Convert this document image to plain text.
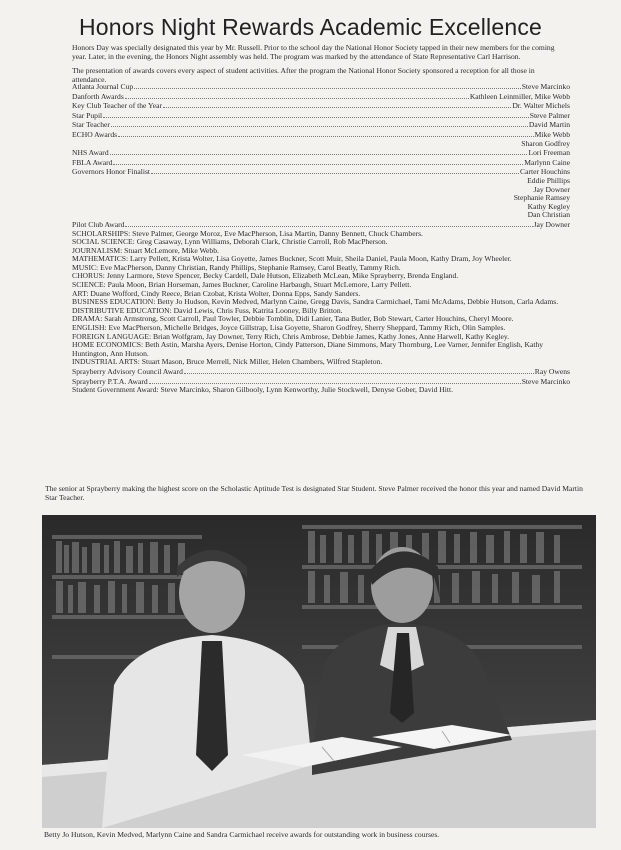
Honors Night Rewards Academic Excellence

Honors Day was specially designated this year by Mr. Russell. Prior to the school day the National Honor Society tapped in their new members for the coming year. Later, in the evening, the Honors Night assembly was held. The program was marked by the attendance of State Representative Carl Harrison.

The presentation of awards covers every aspect of student activities. After the program the National Honor Society sponsored a reception for all those in attendance.

Atlanta Journal Cup	Steve Marcinko
Danforth Awards	Kathleen Leinmiller, Mike Webb
Key Club Teacher of the Year	Dr. Walter Michels
Star Pupil	Steve Palmer
Star Teacher	David Martin
ECHO Awards	Mike Webb
Sharon Godfrey
NHS Award	Lori Freeman
FBLA Award	Marlynn Caine
Governors Honor Finalist	Carter Houchins
Eddie Phillips
Jay Downer
Stephanie Ramsey
Kathy Kegley
Dan Christian
Pilot Club Award	Jay Downer
SCHOLARSHIPS: Steve Palmer, George Moroz, Eve MacPherson, Lisa Martin, Danny Bennett, Chuck Chambers.
SOCIAL SCIENCE: Greg Casaway, Lynn Williams, Deborah Clark, Christie Carroll, Rob MacPherson.
JOURNALISM: Stuart McLemore, Mike Webb.
MATHEMATICS: Larry Pellett, Krista Wolter, Lisa Goyette, James Buckner, Scott Muir, Sheila Daniel, Paula Moon, Kathy Dram, Joy Wheeler.
MUSIC: Eve MacPherson, Danny Christian, Randy Phillips, Stephanie Ramsey, Carol Beatly, Tammy Rich.
CHORUS: Jenny Larmore, Steve Spencer, Becky Cardell, Dale Hutson, Elizabeth McLean, Mike Sprayberry, Brenda England.
SCIENCE: Paula Moon, Brian Horseman, James Buckner, Caroline Harbaugh, Stuart McLemore, Larry Pellett.
ART: Duane Wofford, Cindy Reece, Brian Czobat, Krista Wolter, Donna Epps, Sandy Sanders.
BUSINESS EDUCATION: Betty Jo Hudson, Kevin Medved, Marlynn Caine, Gregg Davis, Sandra Carmichael, Tami McAdams, Debbie Hutson, Carla Adams.
DISTRIBUTIVE EDUCATION: David Lewis, Chris Fuss, Katrita Looney, Billy Britton.
DRAMA: Sarah Armstrong, Scott Carroll, Paul Towler, Debbie Tomblin, Didi Lanier, Tana Butler, Bob Stewart, Carter Houchins, Cheryl Moore.
ENGLISH: Eve MacPherson, Michelle Bridges, Joyce Gillstrap, Lisa Goyette, Sharon Godfrey, Sherry Sheppard, Tammy Rich, Olin Samples.
FOREIGN LANGUAGE: Brian Wolfgram, Jay Downer, Terry Rich, Chris Ambrose, Debbie James, Kathy Jones, Anne Harwell, Kathy Kegley.
HOME ECONOMICS: Beth Astin, Marsha Ayers, Denise Horton, Cindy Patterson, Diane Simmons, Mary Thornburg, Lee Varner, Jennifer English, Kathy Huntington, Ann Hutson.
INDUSTRIAL ARTS: Stuart Mason, Bruce Merrell, Nick Miller, Helen Chambers, Wilfred Stapleton.
Sprayberry Advisory Council Award	Ray Owens
Sprayberry P.T.A. Award	Steve Marcinko
Student Government Award: Steve Marcinko, Sharon Gilbooly, Lynn Kenworthy, Julie Stockwell, Denyse Gober, David Hitt.
The senior at Sprayberry making the highest score on the Scholastic Aptitude Test is designated Star Student. Steve Palmer received the honor this year and named David Martin Star Teacher.
Betty Jo Hutson, Kevin Medved, Marlynn Caine and Sandra Carmichael receive awards for outstanding work in business courses.
